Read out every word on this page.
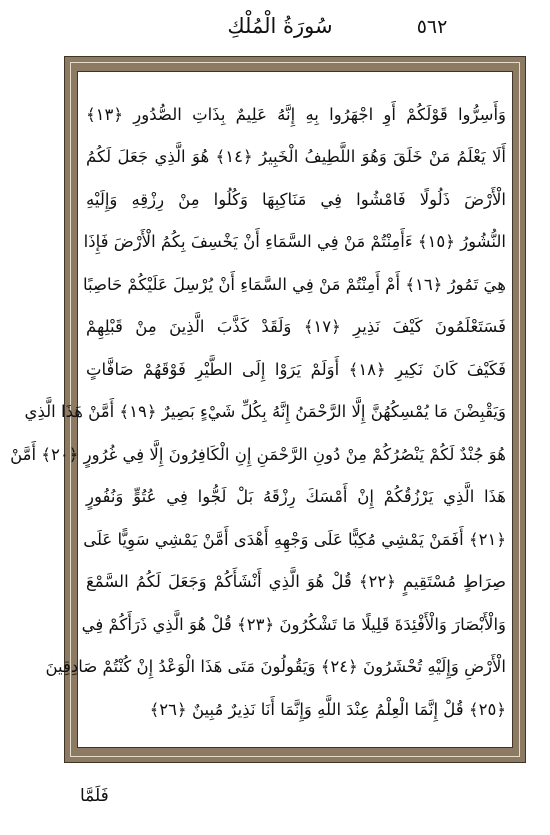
٥٦٢
سُورَةُ الْمُلْكِ
وَأَسِرُّوا قَوْلَكُمْ أَوِ اجْهَرُوا بِهِ إِنَّهُ عَلِيمٌ بِذَاتِ الصُّدُورِ ﴿١٣﴾
أَلَا يَعْلَمُ مَنْ خَلَقَ وَهُوَ اللَّطِيفُ الْخَبِيرُ ﴿١٤﴾ هُوَ الَّذِي جَعَلَ لَكُمُ
الْأَرْضَ ذَلُولًا فَامْشُوا فِي مَنَاكِبِهَا وَكُلُوا مِنْ رِزْقِهِ وَإِلَيْهِ
النُّشُورُ ﴿١٥﴾ ءَأَمِنْتُمْ مَنْ فِي السَّمَاءِ أَنْ يَخْسِفَ بِكُمُ الْأَرْضَ فَإِذَا
هِيَ تَمُورُ ﴿١٦﴾ أَمْ أَمِنْتُمْ مَنْ فِي السَّمَاءِ أَنْ يُرْسِلَ عَلَيْكُمْ حَاصِبًا
فَسَتَعْلَمُونَ كَيْفَ نَذِيرِ ﴿١٧﴾ وَلَقَدْ كَذَّبَ الَّذِينَ مِنْ قَبْلِهِمْ
فَكَيْفَ كَانَ نَكِيرِ ﴿١٨﴾ أَوَلَمْ يَرَوْا إِلَى الطَّيْرِ فَوْقَهُمْ صَافَّاتٍ
وَيَقْبِضْنَ مَا يُمْسِكُهُنَّ إِلَّا الرَّحْمَنُ إِنَّهُ بِكُلِّ شَيْءٍ بَصِيرٌ ﴿١٩﴾ أَمَّنْ هَذَا الَّذِي
هُوَ جُنْدٌ لَكُمْ يَنْصُرُكُمْ مِنْ دُونِ الرَّحْمَنِ إِنِ الْكَافِرُونَ إِلَّا فِي غُرُورٍ ﴿٢٠﴾ أَمَّنْ
هَذَا الَّذِي يَرْزُقُكُمْ إِنْ أَمْسَكَ رِزْقَهُ بَلْ لَجُّوا فِي عُتُوٍّ وَنُفُورٍ
﴿٢١﴾ أَفَمَنْ يَمْشِي مُكِبًّا عَلَى وَجْهِهِ أَهْدَى أَمَّنْ يَمْشِي سَوِيًّا عَلَى
صِرَاطٍ مُسْتَقِيمٍ ﴿٢٢﴾ قُلْ هُوَ الَّذِي أَنْشَأَكُمْ وَجَعَلَ لَكُمُ السَّمْعَ
وَالْأَبْصَارَ وَالْأَفْئِدَةَ قَلِيلًا مَا تَشْكُرُونَ ﴿٢٣﴾ قُلْ هُوَ الَّذِي ذَرَأَكُمْ فِي
الْأَرْضِ وَإِلَيْهِ تُحْشَرُونَ ﴿٢٤﴾ وَيَقُولُونَ مَتَى هَذَا الْوَعْدُ إِنْ كُنْتُمْ صَادِقِينَ
﴿٢٥﴾ قُلْ إِنَّمَا الْعِلْمُ عِنْدَ اللَّهِ وَإِنَّمَا أَنَا نَذِيرٌ مُبِينٌ ﴿٢٦﴾
فَلَمَّا
